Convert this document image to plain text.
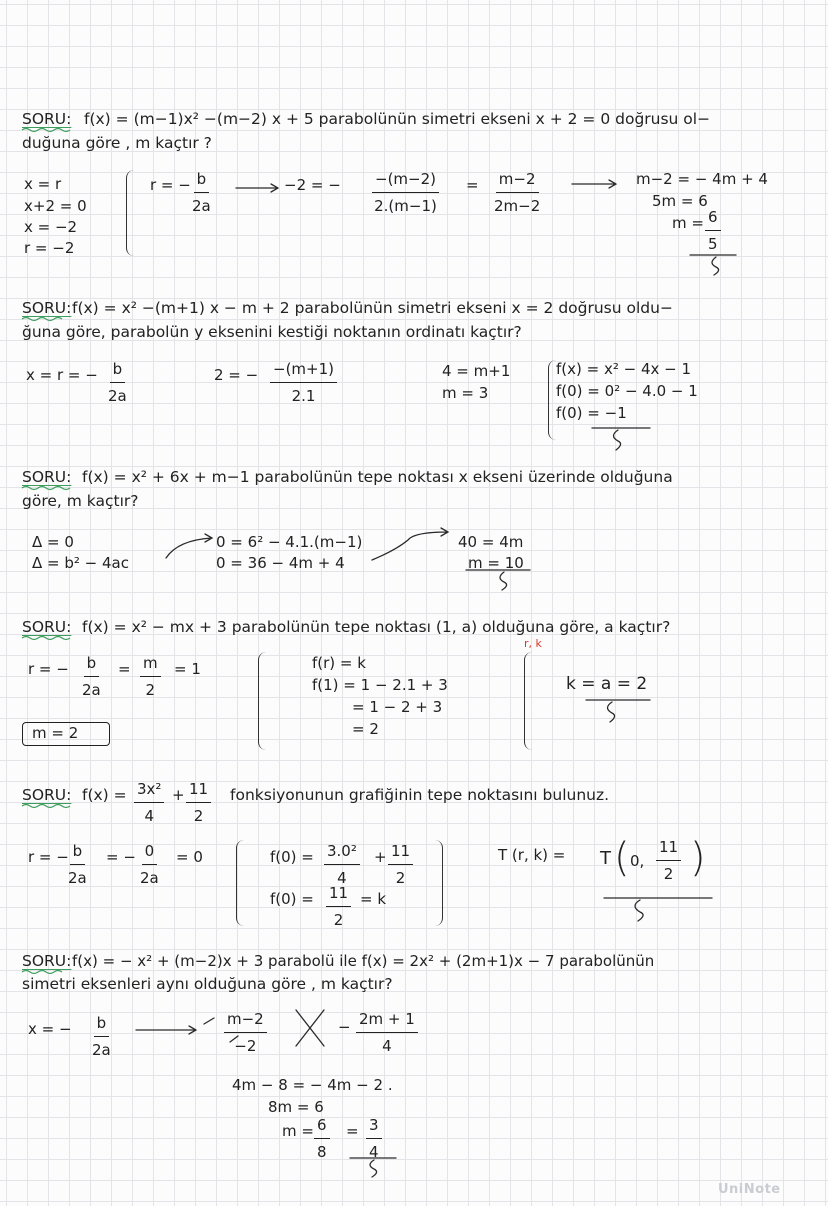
SORU: f(x) = (m−1)x² −(m−2) x + 5 parabolünün simetri ekseni x + 2 = 0 doğrusu ol−
duğuna göre , m kaçtır ?
x = r
x+2 = 0
x = −2
r = −2
r = − b
2a
−2 = − −(m−2)
2.(m−1)
= m−2
2m−2
m−2 = − 4m + 4
5m = 6
m = 6
5
SORU: f(x) = x² −(m+1) x − m + 2 parabolünün simetri ekseni x = 2 doğrusu oldu−
ğuna göre, parabolün y eksenini kestiği noktanın ordinatı kaçtır?
x = r = − b
2a
2 = − −(m+1)
2.1
4 = m+1
m = 3
f(x) = x² − 4x − 1
f(0) = 0² − 4.0 − 1
f(0) = −1
SORU: f(x) = x² + 6x + m−1 parabolünün tepe noktası x ekseni üzerinde olduğuna
göre, m kaçtır?
Δ = 0
Δ = b² − 4ac
0 = 6² − 4.1.(m−1)
0 = 36 − 4m + 4
40 = 4m
m = 10
SORU: f(x) = x² − mx + 3 parabolünün tepe noktası (1, a) olduğuna göre, a kaçtır?
r, k
r = − b
2a
= m
2
= 1
m = 2
f(r) = k
f(1) = 1 − 2.1 + 3
= 1 − 2 + 3
= 2
k = a = 2
SORU: f(x) = 3x²
4
+ 11
2
fonksiyonunun grafiğinin tepe noktasını bulunuz.
r = − b
2a
= − 0
2a
= 0	f(0) = 3.0²
4
+ 11
2
f(0) = 11
2
= k
T (r, k) = T ( 0,
11
2 )
SORU: f(x) = − x² + (m−2)x + 3 parabolü ile f(x) = 2x² + (2m+1)x − 7 parabolünün
simetri eksenleri aynı olduğuna göre , m kaçtır?
x = − b
2a
m−2
−2
− 2m + 1
4
4m − 8 = − 4m − 2 .
8m = 6
m = 6
8
= 3
4
UniNote
